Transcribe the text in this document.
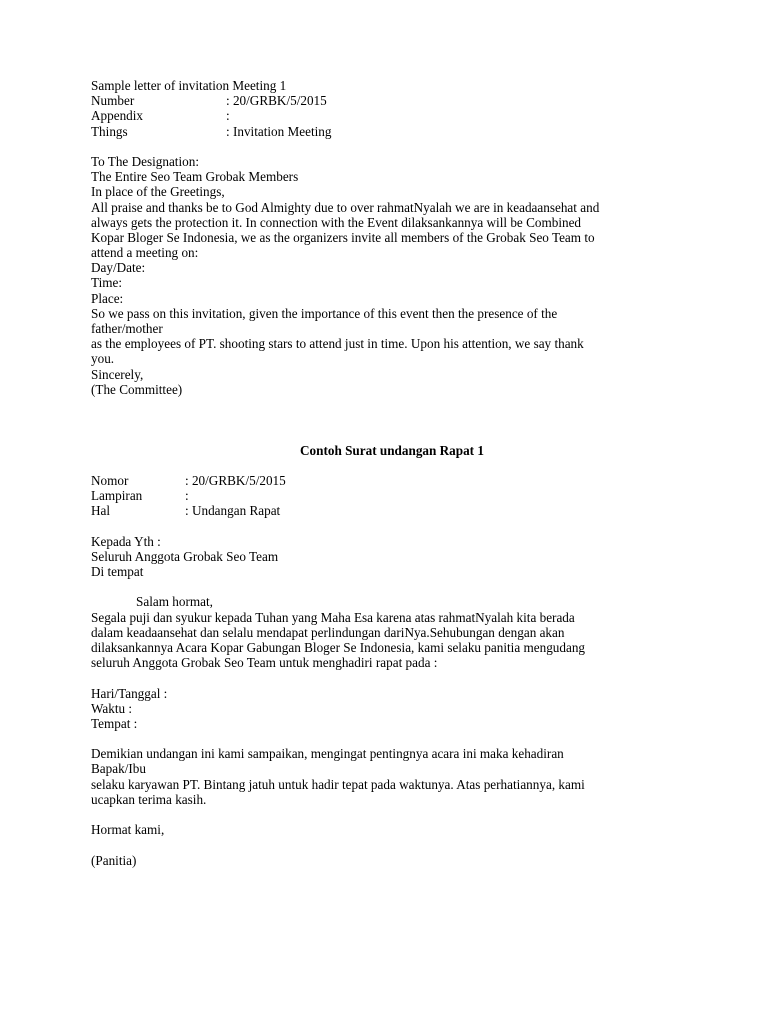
Sample letter of invitation Meeting 1
Number	: 20/GRBK/5/2015
Appendix	:
Things	: Invitation Meeting
To The Designation:
The Entire Seo Team Grobak Members
In place of the Greetings,
All praise and thanks be to God Almighty due to over rahmatNyalah we are in keadaansehat and
always gets the protection it. In connection with the Event dilaksankannya will be Combined
Kopar Bloger Se Indonesia, we as the organizers invite all members of the Grobak Seo Team to
attend a meeting on:
Day/Date:
Time:
Place:
So we pass on this invitation, given the importance of this event then the presence of the
father/mother
as the employees of PT. shooting stars to attend just in time. Upon his attention, we say thank
you.
Sincerely,
(The Committee)
Contoh Surat undangan Rapat 1
Nomor	: 20/GRBK/5/2015
Lampiran	:
Hal	: Undangan Rapat
Kepada Yth :
Seluruh Anggota Grobak Seo Team
Di tempat
Salam hormat,
Segala puji dan syukur kepada Tuhan yang Maha Esa karena atas rahmatNyalah kita berada
dalam keadaansehat dan selalu mendapat perlindungan dariNya.Sehubungan dengan akan
dilaksankannya Acara Kopar Gabungan Bloger Se Indonesia, kami selaku panitia mengudang
seluruh Anggota Grobak Seo Team untuk menghadiri rapat pada :
Hari/Tanggal :
Waktu :
Tempat :
Demikian undangan ini kami sampaikan, mengingat pentingnya acara ini maka kehadiran
Bapak/Ibu
selaku karyawan PT. Bintang jatuh untuk hadir tepat pada waktunya. Atas perhatiannya, kami
ucapkan terima kasih.
Hormat kami,
(Panitia)
